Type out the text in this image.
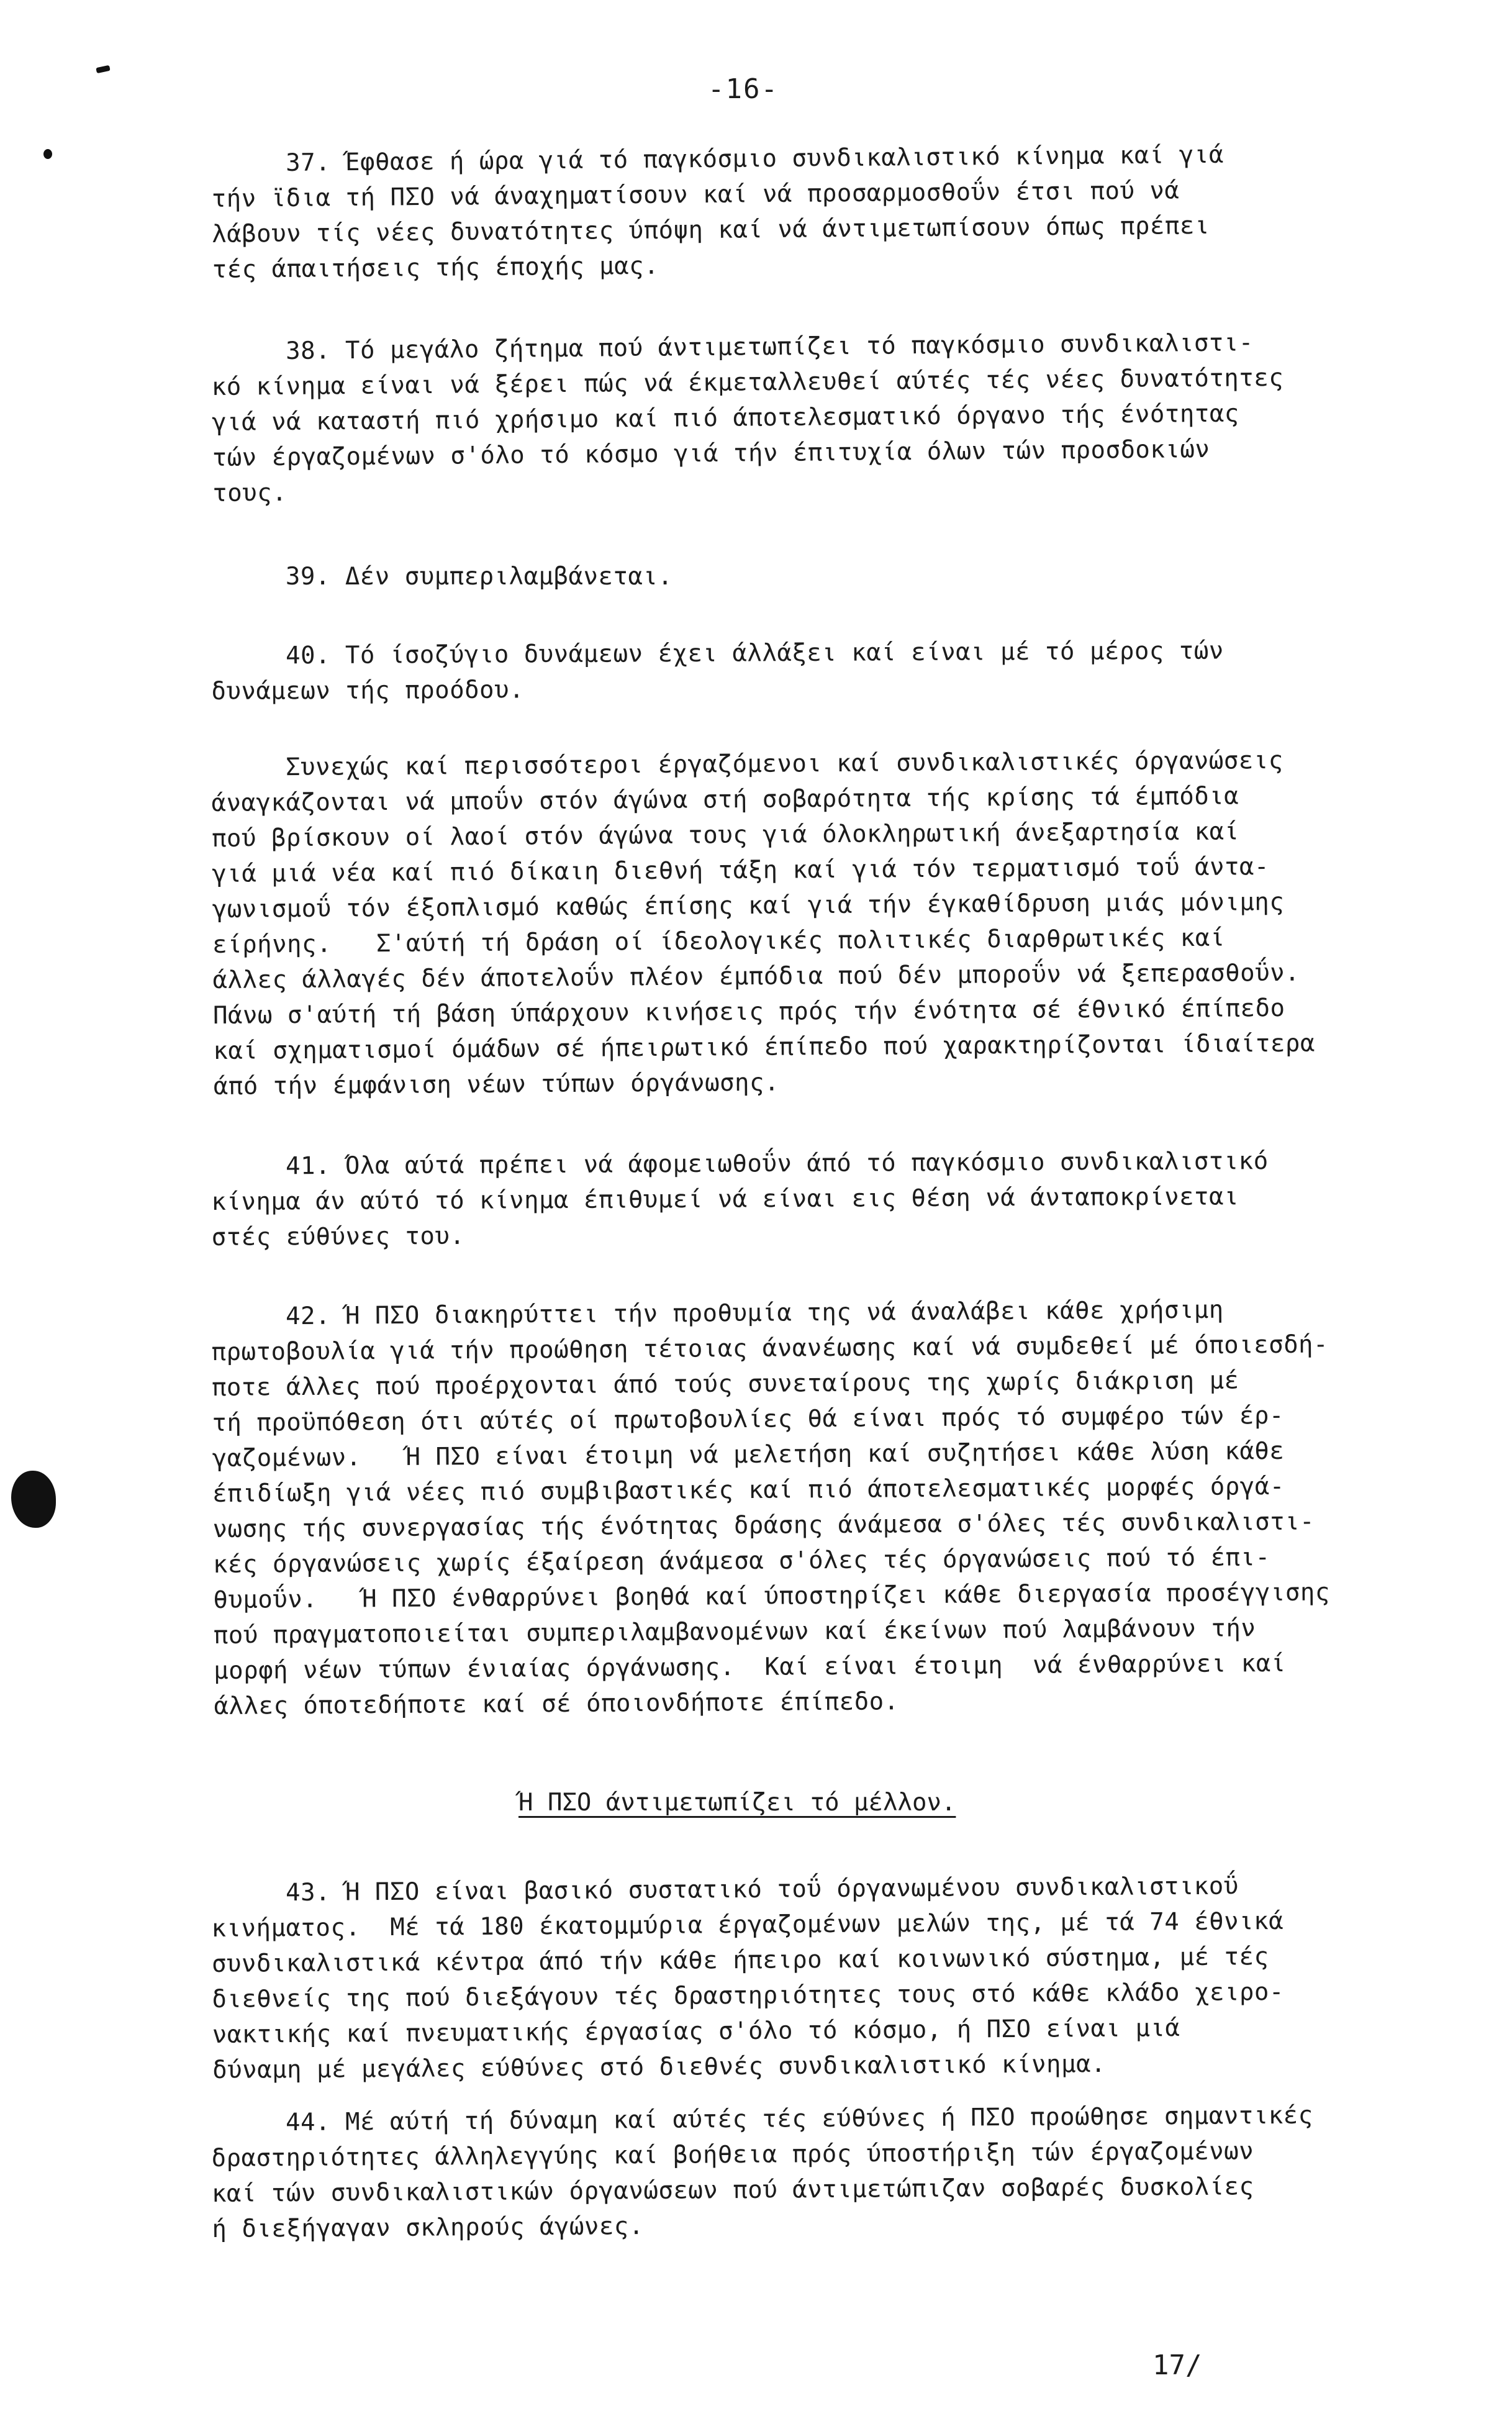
-16-
37. Έφθασε ή ώρα γιά τό παγκόσμιο συνδικαλιστικό κίνημα καί γιά
τήν ϊδια τή ΠΣΟ νά άναχηματίσουν καί νά προσαρμοσθοΰν έτσι πού νά
λάβουν τίς νέες δυνατότητες ύπόψη καί νά άντιμετωπίσουν όπως πρέπει
τές άπαιτήσεις τής έποχής μας.
38. Τό μεγάλο ζήτημα πού άντιμετωπίζει τό παγκόσμιο συνδικαλιστι-
κό κίνημα είναι νά ξέρει πώς νά έκμεταλλευθεί αύτές τές νέες δυνατότητες
γιά νά καταστή πιό χρήσιμο καί πιό άποτελεσματικό όργανο τής ένότητας
τών έργαζομένων σ'όλο τό κόσμο γιά τήν έπιτυχία όλων τών προσδοκιών
τους.
39. Δέν συμπεριλαμβάνεται.
40. Τό ίσοζύγιο δυνάμεων έχει άλλάξει καί είναι μέ τό μέρος τών
δυνάμεων τής προόδου.
Συνεχώς καί περισσότεροι έργαζόμενοι καί συνδικαλιστικές όργανώσεις
άναγκάζονται νά μποΰν στόν άγώνα στή σοβαρότητα τής κρίσης τά έμπόδια
πού βρίσκουν οί λαοί στόν άγώνα τους γιά όλοκληρωτική άνεξαρτησία καί
γιά μιά νέα καί πιό δίκαιη διεθνή τάξη καί γιά τόν τερματισμό τοΰ άντα-
γωνισμοΰ τόν έξοπλισμό καθώς έπίσης καί γιά τήν έγκαθίδρυση μιάς μόνιμης
είρήνης.   Σ'αύτή τή δράση οί ίδεολογικές πολιτικές διαρθρωτικές καί
άλλες άλλαγές δέν άποτελοΰν πλέον έμπόδια πού δέν μποροΰν νά ξεπερασθοΰν.
Πάνω σ'αύτή τή βάση ύπάρχουν κινήσεις πρός τήν ένότητα σέ έθνικό έπίπεδο
καί σχηματισμοί όμάδων σέ ήπειρωτικό έπίπεδο πού χαρακτηρίζονται ίδιαίτερα
άπό τήν έμφάνιση νέων τύπων όργάνωσης.
41. Όλα αύτά πρέπει νά άφομειωθοΰν άπό τό παγκόσμιο συνδικαλιστικό
κίνημα άν αύτό τό κίνημα έπιθυμεί νά είναι εις θέση νά άνταποκρίνεται
στές εύθύνες του.
42. Ή ΠΣΟ διακηρύττει τήν προθυμία της νά άναλάβει κάθε χρήσιμη
πρωτοβουλία γιά τήν προώθηση τέτοιας άνανέωσης καί νά συμδεθεί μέ όποιεσδή-
ποτε άλλες πού προέρχονται άπό τούς συνεταίρους της χωρίς διάκριση μέ
τή προϋπόθεση ότι αύτές οί πρωτοβουλίες θά είναι πρός τό συμφέρο τών έρ-
γαζομένων.   Ή ΠΣΟ είναι έτοιμη νά μελετήση καί συζητήσει κάθε λύση κάθε
έπιδίωξη γιά νέες πιό συμβιβαστικές καί πιό άποτελεσματικές μορφές όργά-
νωσης τής συνεργασίας τής ένότητας δράσης άνάμεσα σ'όλες τές συνδικαλιστι-
κές όργανώσεις χωρίς έξαίρεση άνάμεσα σ'όλες τές όργανώσεις πού τό έπι-
θυμοΰν.   Ή ΠΣΟ ένθαρρύνει βοηθά καί ύποστηρίζει κάθε διεργασία προσέγγισης
πού πραγματοποιείται συμπεριλαμβανομένων καί έκείνων πού λαμβάνουν τήν
μορφή νέων τύπων ένιαίας όργάνωσης.  Καί είναι έτοιμη  νά ένθαρρύνει καί
άλλες όποτεδήποτε καί σέ όποιονδήποτε έπίπεδο.
Ή ΠΣΟ άντιμετωπίζει τό μέλλον.
43. Ή ΠΣΟ είναι βασικό συστατικό τοΰ όργανωμένου συνδικαλιστικοΰ
κινήματος.  Μέ τά 180 έκατομμύρια έργαζομένων μελών της, μέ τά 74 έθνικά
συνδικαλιστικά κέντρα άπό τήν κάθε ήπειρο καί κοινωνικό σύστημα, μέ τές
διεθνείς της πού διεξάγουν τές δραστηριότητες τους στό κάθε κλάδο χειρο-
νακτικής καί πνευματικής έργασίας σ'όλο τό κόσμο, ή ΠΣΟ είναι μιά
δύναμη μέ μεγάλες εύθύνες στό διεθνές συνδικαλιστικό κίνημα.
44. Μέ αύτή τή δύναμη καί αύτές τές εύθύνες ή ΠΣΟ προώθησε σημαντικές
δραστηριότητες άλληλεγγύης καί βοήθεια πρός ύποστήριξη τών έργαζομένων
καί τών συνδικαλιστικών όργανώσεων πού άντιμετώπιζαν σοβαρές δυσκολίες
ή διεξήγαγαν σκληρούς άγώνες.
17/
